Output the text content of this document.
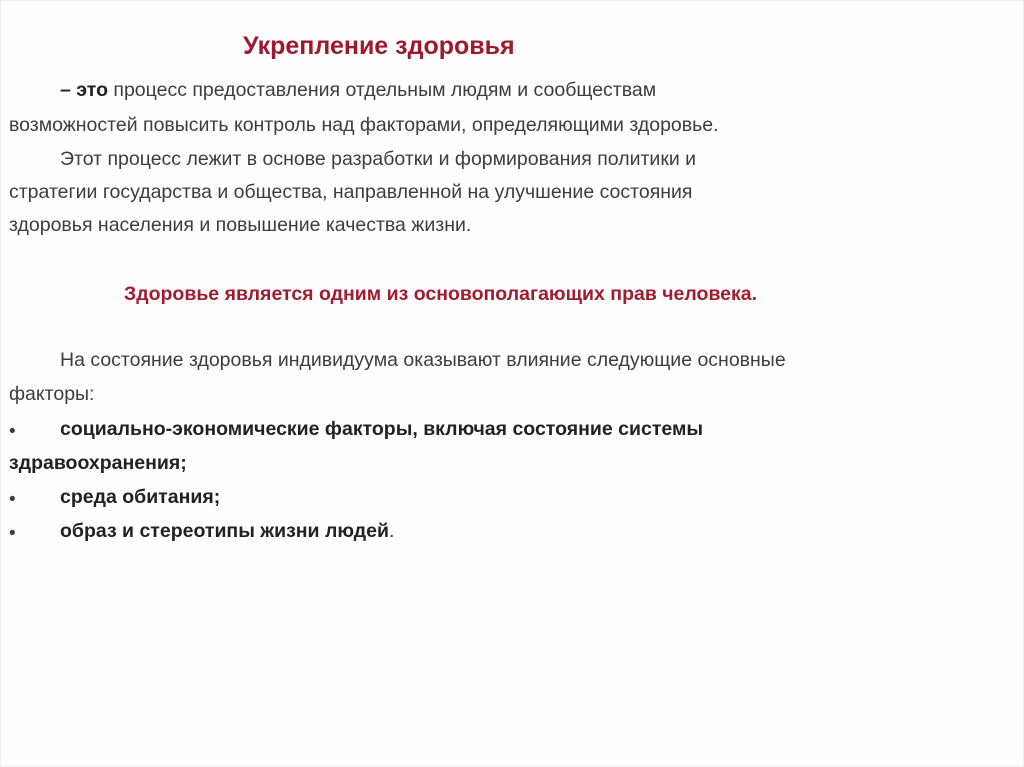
Укрепление здоровья
– это процесс предоставления отдельным людям и сообществам
возможностей повысить контроль над факторами, определяющими здоровье.
Этот процесс лежит в основе разработки и формирования политики и
стратегии государства и общества, направленной на улучшение состояния
здоровья населения и повышение качества жизни.
Здоровье является одним из основополагающих прав человека.
На состояние здоровья индивидуума оказывают влияние следующие основные
факторы:
• социально-экономические факторы, включая состояние системы
здравоохранения;
• среда обитания;
• образ и стереотипы жизни людей.
